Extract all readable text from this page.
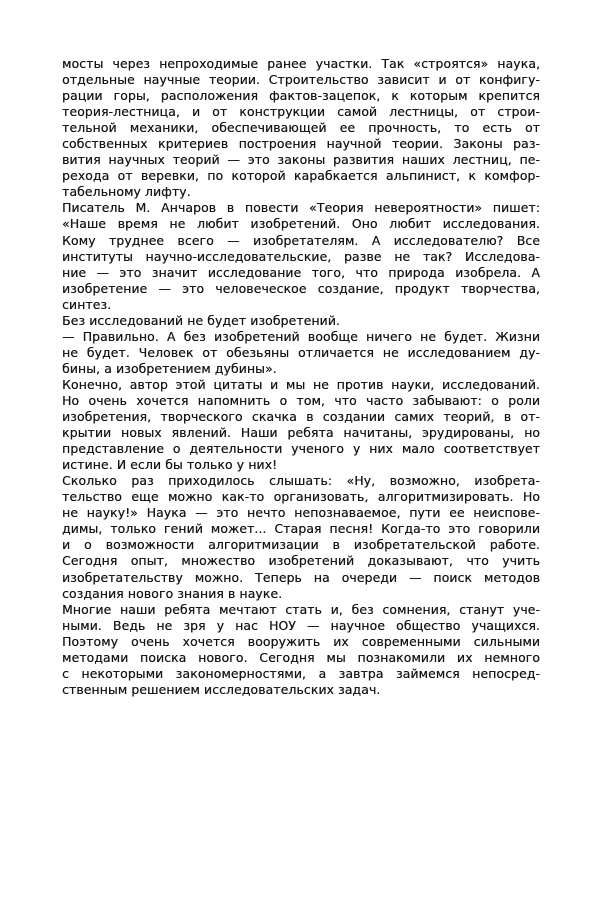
мосты через непроходимые ранее участки. Так «строятся» наука,
отдельные научные теории. Строительство зависит и от конфигу-
рации горы, расположения фактов-зацепок, к которым крепится
теория-лестница, и от конструкции самой лестницы, от строи-
тельной механики, обеспечивающей ее прочность, то есть от
собственных критериев построения научной теории. Законы раз-
вития научных теорий — это законы развития наших лестниц, пе-
рехода от веревки, по которой карабкается альпинист, к комфор-
табельному лифту.
Писатель М. Анчаров в повести «Теория невероятности» пишет:
«Наше время не любит изобретений. Оно любит исследования.
Кому труднее всего — изобретателям. А исследователю? Все
институты научно-исследовательские, разве не так? Исследова-
ние — это значит исследование того, что природа изобрела. А
изобретение — это человеческое создание, продукт творчества,
синтез.
Без исследований не будет изобретений.
— Правильно. А без изобретений вообще ничего не будет. Жизни
не будет. Человек от обезьяны отличается не исследованием ду-
бины, а изобретением дубины».
Конечно, автор этой цитаты и мы не против науки, исследований.
Но очень хочется напомнить о том, что часто забывают: о роли
изобретения, творческого скачка в создании самих теорий, в от-
крытии новых явлений. Наши ребята начитаны, эрудированы, но
представление о деятельности ученого у них мало соответствует
истине. И если бы только у них!
Сколько раз приходилось слышать: «Ну, возможно, изобрета-
тельство еще можно как-то организовать, алгоритмизировать. Но
не науку!» Наука — это нечто непознаваемое, пути ее неиспове-
димы, только гений может... Старая песня! Когда-то это говорили
и о возможности алгоритмизации в изобретательской работе.
Сегодня опыт, множество изобретений доказывают, что учить
изобретательству можно. Теперь на очереди — поиск методов
создания нового знания в науке.
Многие наши ребята мечтают стать и, без сомнения, станут уче-
ными. Ведь не зря у нас НОУ — научное общество учащихся.
Поэтому очень хочется вооружить их современными сильными
методами поиска нового. Сегодня мы познакомили их немного
с некоторыми закономерностями, а завтра займемся непосред-
ственным решением исследовательских задач.
